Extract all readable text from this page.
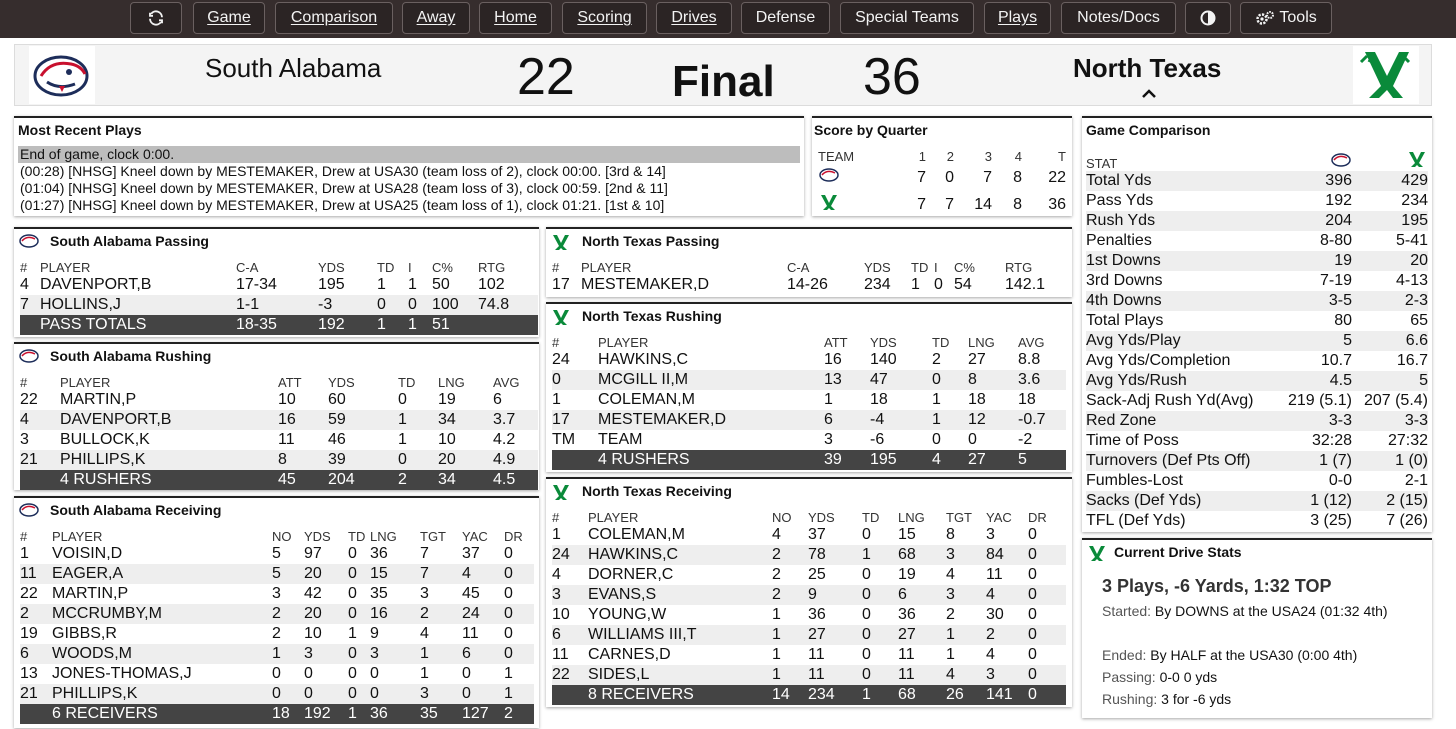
Game	Comparison	Away	Home	Scoring	Drives	Defense	Special Teams	Plays	Notes/Docs	Tools
South Alabama	22 Final 36	North Texas
Most Recent Plays
End of game, clock 0:00.
(00:28) [NHSG] Kneel down by MESTEMAKER, Drew at USA30 (team loss of 2), clock 00:00. [3rd & 14]
(01:04) [NHSG] Kneel down by MESTEMAKER, Drew at USA28 (team loss of 3), clock 00:59. [2nd & 11]
(01:27) [NHSG] Kneel down by MESTEMAKER, Drew at USA25 (team loss of 1), clock 01:21. [1st & 10]
Score by Quarter
TEAM	1	2	3	4	T
	7	0	7	8	22
	7	7	14	8	36
Game Comparison
STAT		
Total Yds	396	429
Pass Yds	192	234
Rush Yds	204	195
Penalties	8-80	5-41
1st Downs	19	20
3rd Downs	7-19	4-13
4th Downs	3-5	2-3
Total Plays	80	65
Avg Yds/Play	5	6.6
Avg Yds/Completion	10.7	16.7
Avg Yds/Rush	4.5	5
Sack-Adj Rush Yd(Avg)	219 (5.1)	207 (5.4)
Red Zone	3-3	3-3
Time of Poss	32:28	27:32
Turnovers (Def Pts Off)	1 (7)	1 (0)
Fumbles-Lost	0-0	2-1
Sacks (Def Yds)	1 (12)	2 (15)
TFL (Def Yds)	3 (25)	7 (26)
Current Drive Stats
3 Plays, -6 Yards, 1:32 TOP
Started: By DOWNS at the USA24 (01:32 4th)
Ended: By HALF at the USA30 (0:00 4th)
Passing: 0-0 0 yds
Rushing: 3 for -6 yds
South Alabama Passing
#	PLAYER	C-A	YDS	TD	I	C%	RTG
4	DAVENPORT,B	17-34	195	1	1	50	102
7	HOLLINS,J	1-1	-3	0	0	100	74.8
	PASS TOTALS	18-35	192	1	1	51	
South Alabama Rushing
#	PLAYER	ATT	YDS	TD	LNG	AVG
22	MARTIN,P	10	60	0	19	6
4	DAVENPORT,B	16	59	1	34	3.7
3	BULLOCK,K	11	46	1	10	4.2
21	PHILLIPS,K	8	39	0	20	4.9
	4 RUSHERS	45	204	2	34	4.5
South Alabama Receiving
#	PLAYER	NO	YDS	TD	LNG	TGT	YAC	DR
1	VOISIN,D	5	97	0	36	7	37	0
11	EAGER,A	5	20	0	15	7	4	0
22	MARTIN,P	3	42	0	35	3	45	0
2	MCCRUMBY,M	2	20	0	16	2	24	0
19	GIBBS,R	2	10	1	9	4	11	0
6	WOODS,M	1	3	0	3	1	6	0
13	JONES-THOMAS,J	0	0	0	0	1	0	1
21	PHILLIPS,K	0	0	0	0	3	0	1
	6 RECEIVERS	18	192	1	36	35	127	2
North Texas Passing
#	PLAYER	C-A	YDS	TD	I	C%	RTG
17	MESTEMAKER,D	14-26	234	1	0	54	142.1
North Texas Rushing
#	PLAYER	ATT	YDS	TD	LNG	AVG
24	HAWKINS,C	16	140	2	27	8.8
0	MCGILL II,M	13	47	0	8	3.6
1	COLEMAN,M	1	18	1	18	18
17	MESTEMAKER,D	6	-4	1	12	-0.7
TM	TEAM	3	-6	0	0	-2
	4 RUSHERS	39	195	4	27	5
North Texas Receiving
#	PLAYER	NO	YDS	TD	LNG	TGT	YAC	DR
1	COLEMAN,M	4	37	0	15	8	3	0
24	HAWKINS,C	2	78	1	68	3	84	0
4	DORNER,C	2	25	0	19	4	11	0
3	EVANS,S	2	9	0	6	3	4	0
10	YOUNG,W	1	36	0	36	2	30	0
6	WILLIAMS III,T	1	27	0	27	1	2	0
11	CARNES,D	1	11	0	11	1	4	0
22	SIDES,L	1	11	0	11	4	3	0
	8 RECEIVERS	14	234	1	68	26	141	0
